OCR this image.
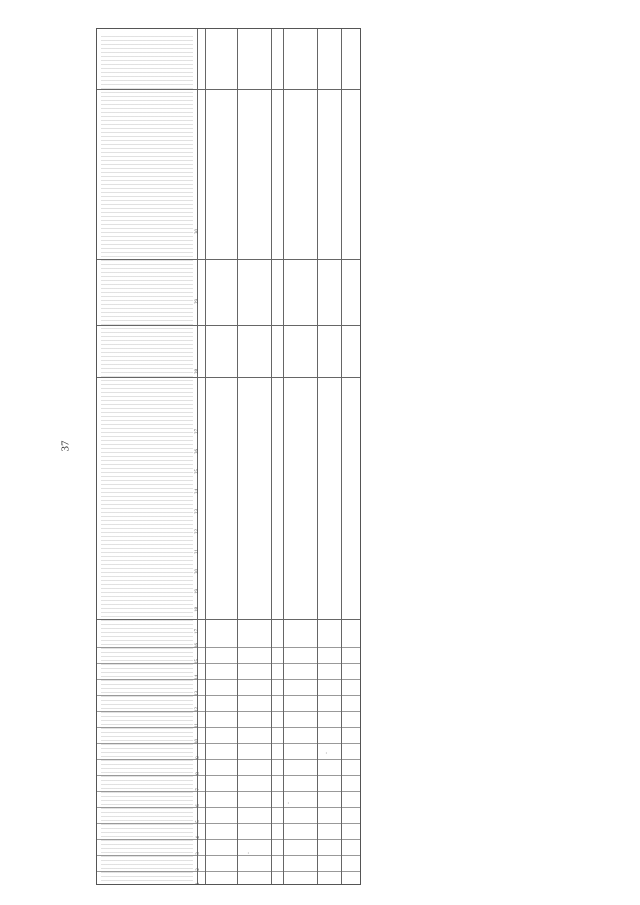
37
1
2
3
4
5
6
7
8
9
10
11
12
13
14
15
16
17
18
19
20
21
22
23
24
25
26
27
28
29
30
·
·
·
